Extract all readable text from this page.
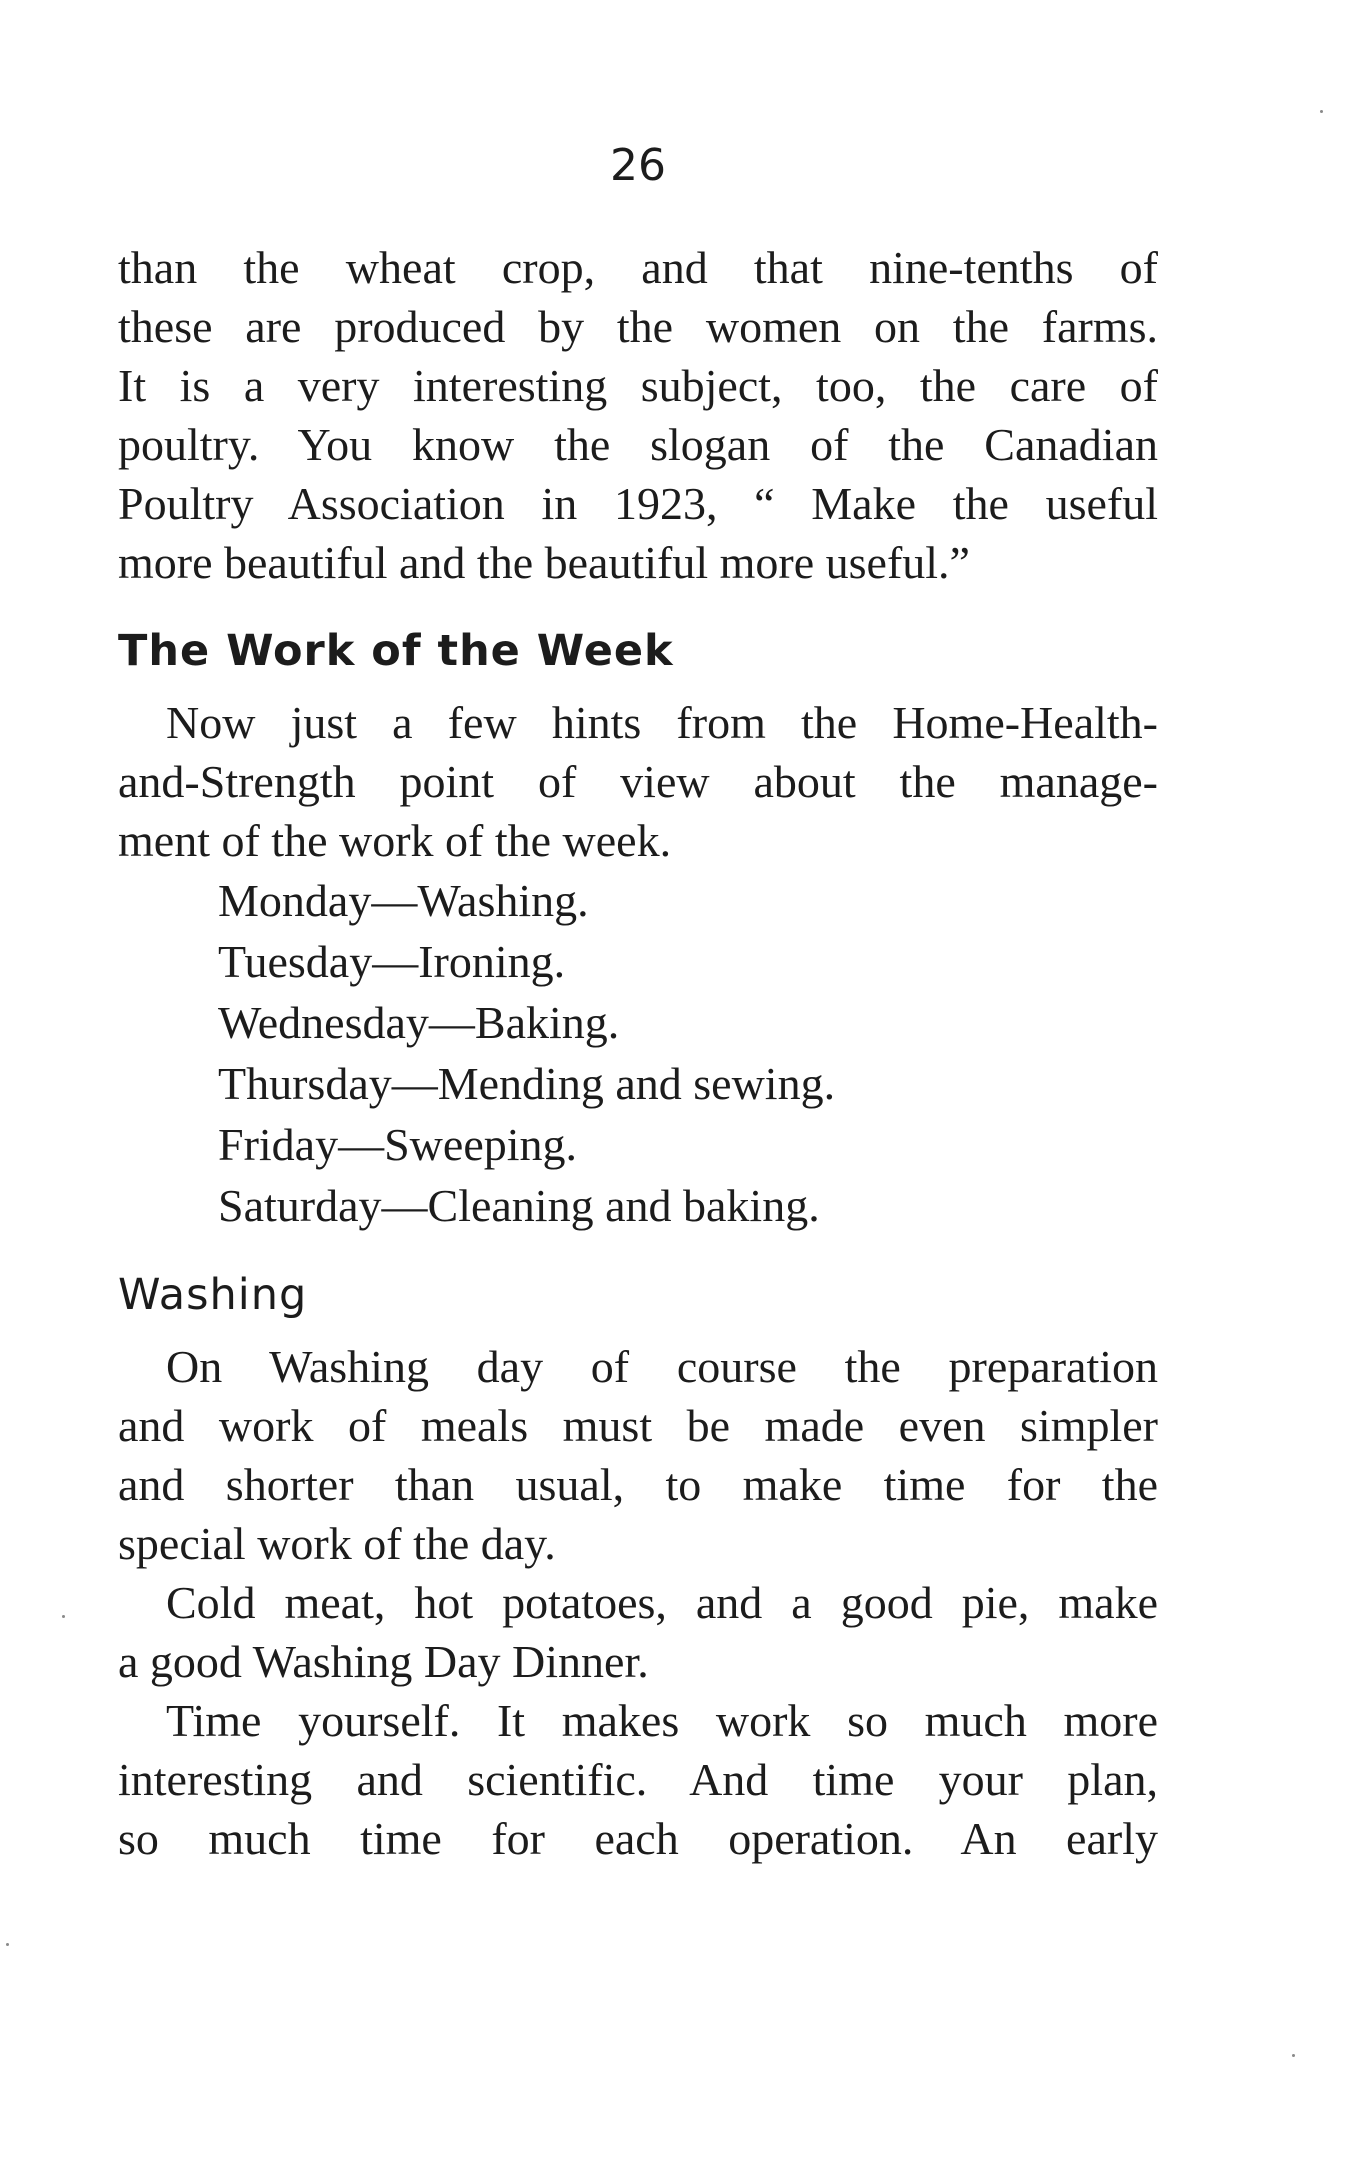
26
than the wheat crop, and that nine-tenths of
these are produced by the women on the farms.
It is a very interesting subject, too, the care of
poultry. You know the slogan of the Canadian
Poultry Association in 1923, “ Make the useful
more beautiful and the beautiful more useful.”
The Work of the Week
Now just a few hints from the Home-Health-
and-Strength point of view about the manage-
ment of the work of the week.
Monday—Washing.
Tuesday—Ironing.
Wednesday—Baking.
Thursday—Mending and sewing.
Friday—Sweeping.
Saturday—Cleaning and baking.
Washing
On Washing day of course the preparation
and work of meals must be made even simpler
and shorter than usual, to make time for the
special work of the day.
Cold meat, hot potatoes, and a good pie, make
a good Washing Day Dinner.
Time yourself. It makes work so much more
interesting and scientific. And time your plan,
so much time for each operation. An early
